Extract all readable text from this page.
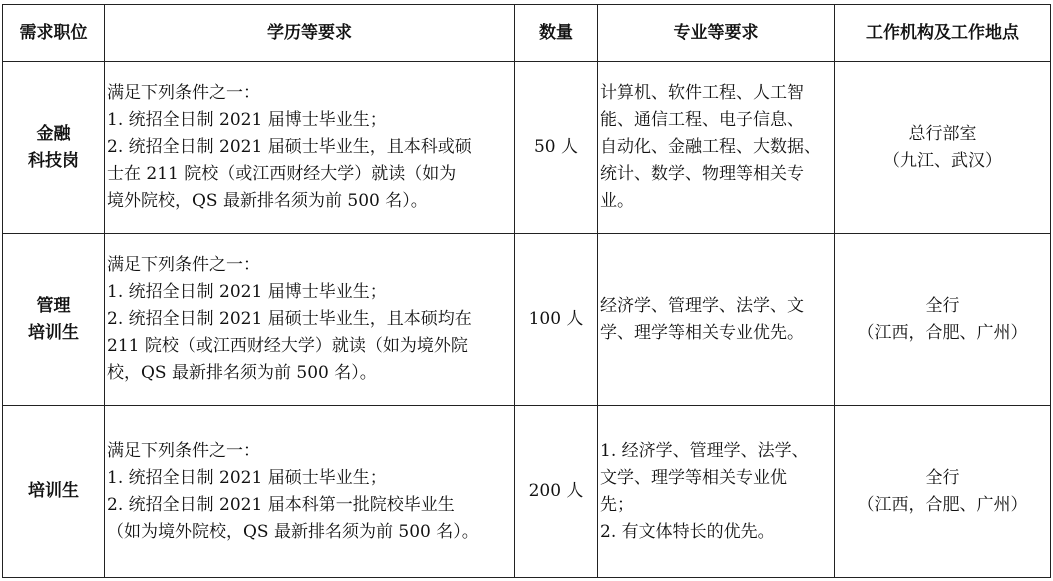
需求职位	学历等要求	数量	专业等要求	工作机构及工作地点

金融
科技岗	满足下列条件之一：
1. 统招全日制 2021 届博士毕业生；
2. 统招全日制 2021 届硕士毕业生，且本科或硕
士在 211 院校（或江西财经大学）就读（如为
境外院校，QS 最新排名须为前 500 名）。	50 人	计算机、软件工程、人工智
能、通信工程、电子信息、
自动化、金融工程、大数据、
统计、数学、物理等相关专
业。	总行部室
（九江、武汉）

管理
培训生	满足下列条件之一：
1. 统招全日制 2021 届博士毕业生；
2. 统招全日制 2021 届硕士毕业生，且本硕均在
211 院校（或江西财经大学）就读（如为境外院
校，QS 最新排名须为前 500 名）。	100 人	经济学、管理学、法学、文
学、理学等相关专业优先。	全行
（江西，合肥、广州）

培训生	满足下列条件之一：
1. 统招全日制 2021 届硕士毕业生；
2. 统招全日制 2021 届本科第一批院校毕业生
（如为境外院校，QS 最新排名须为前 500 名）。	200 人	1. 经济学、管理学、法学、
文学、理学等相关专业优
先；
2. 有文体特长的优先。	全行
（江西，合肥、广州）
